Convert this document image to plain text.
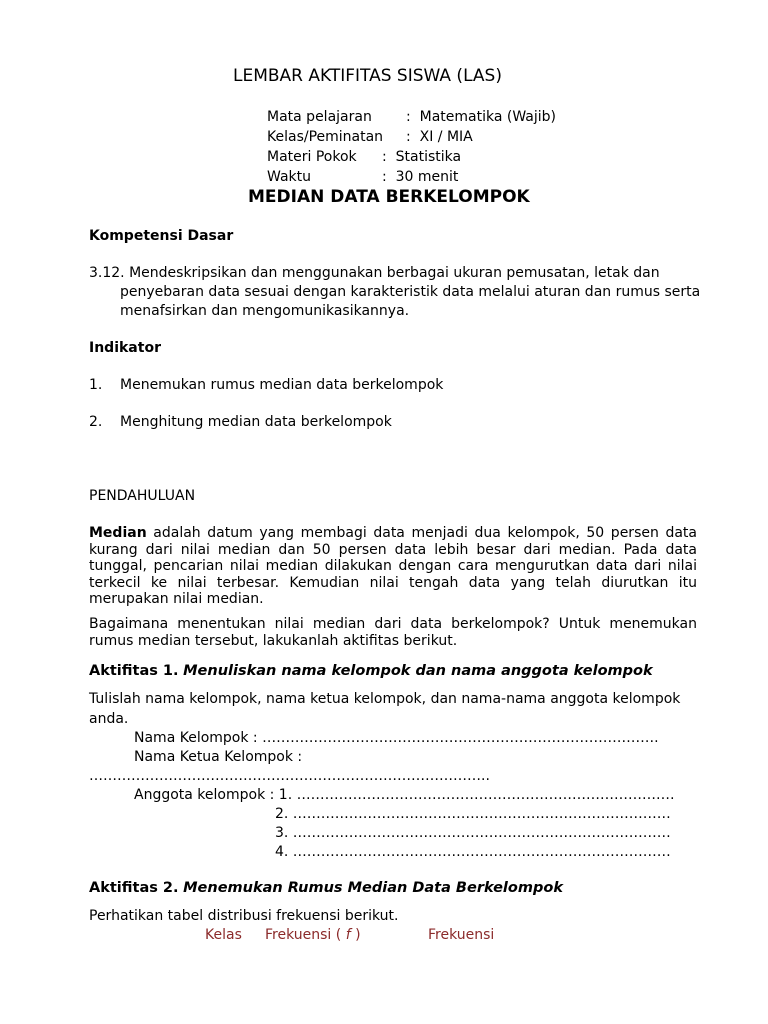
LEMBAR AKTIFITAS SISWA (LAS)
Mata pelajaran : Matematika (Wajib)
Kelas/Peminatan : XI / MIA
Materi Pokok : Statistika
Waktu	: 30 menit
MEDIAN DATA BERKELOMPOK
Kompetensi Dasar
3.12. Mendeskripsikan dan menggunakan berbagai ukuran pemusatan, letak dan
penyebaran data sesuai dengan karakteristik data melalui aturan dan rumus serta
menafsirkan dan mengomunikasikannya.
Indikator
1. Menemukan rumus median data berkelompok
2. Menghitung median data berkelompok
PENDAHULUAN
Median adalah datum yang membagi data menjadi dua kelompok, 50 persen data kurang dari nilai median dan 50 persen data lebih besar dari median. Pada data tunggal, pencarian nilai median dilakukan dengan cara mengurutkan data dari nilai terkecil ke nilai terbesar. Kemudian nilai tengah data yang telah diurutkan itu merupakan nilai median.
Bagaimana menentukan nilai median dari data berkelompok? Untuk menemukan rumus median tersebut, lakukanlah aktifitas berikut.
Aktifitas 1. Menuliskan nama kelompok dan nama anggota kelompok
Tulislah nama kelompok, nama ketua kelompok, dan nama-nama anggota kelompok
anda.
Nama Kelompok : ………………………………………………………………………….
Nama Ketua Kelompok :
…………………………………………………………………………..
Anggota kelompok : 1. ………………………………………………………………………
2. ………………………………………………………………………
3. ………………………………………………………………………
4. ………………………………………………………………………
Aktifitas 2. Menemukan Rumus Median Data Berkelompok
Perhatikan tabel distribusi frekuensi berikut.
Kelas Frekuensi ( f )	Frekuensi
